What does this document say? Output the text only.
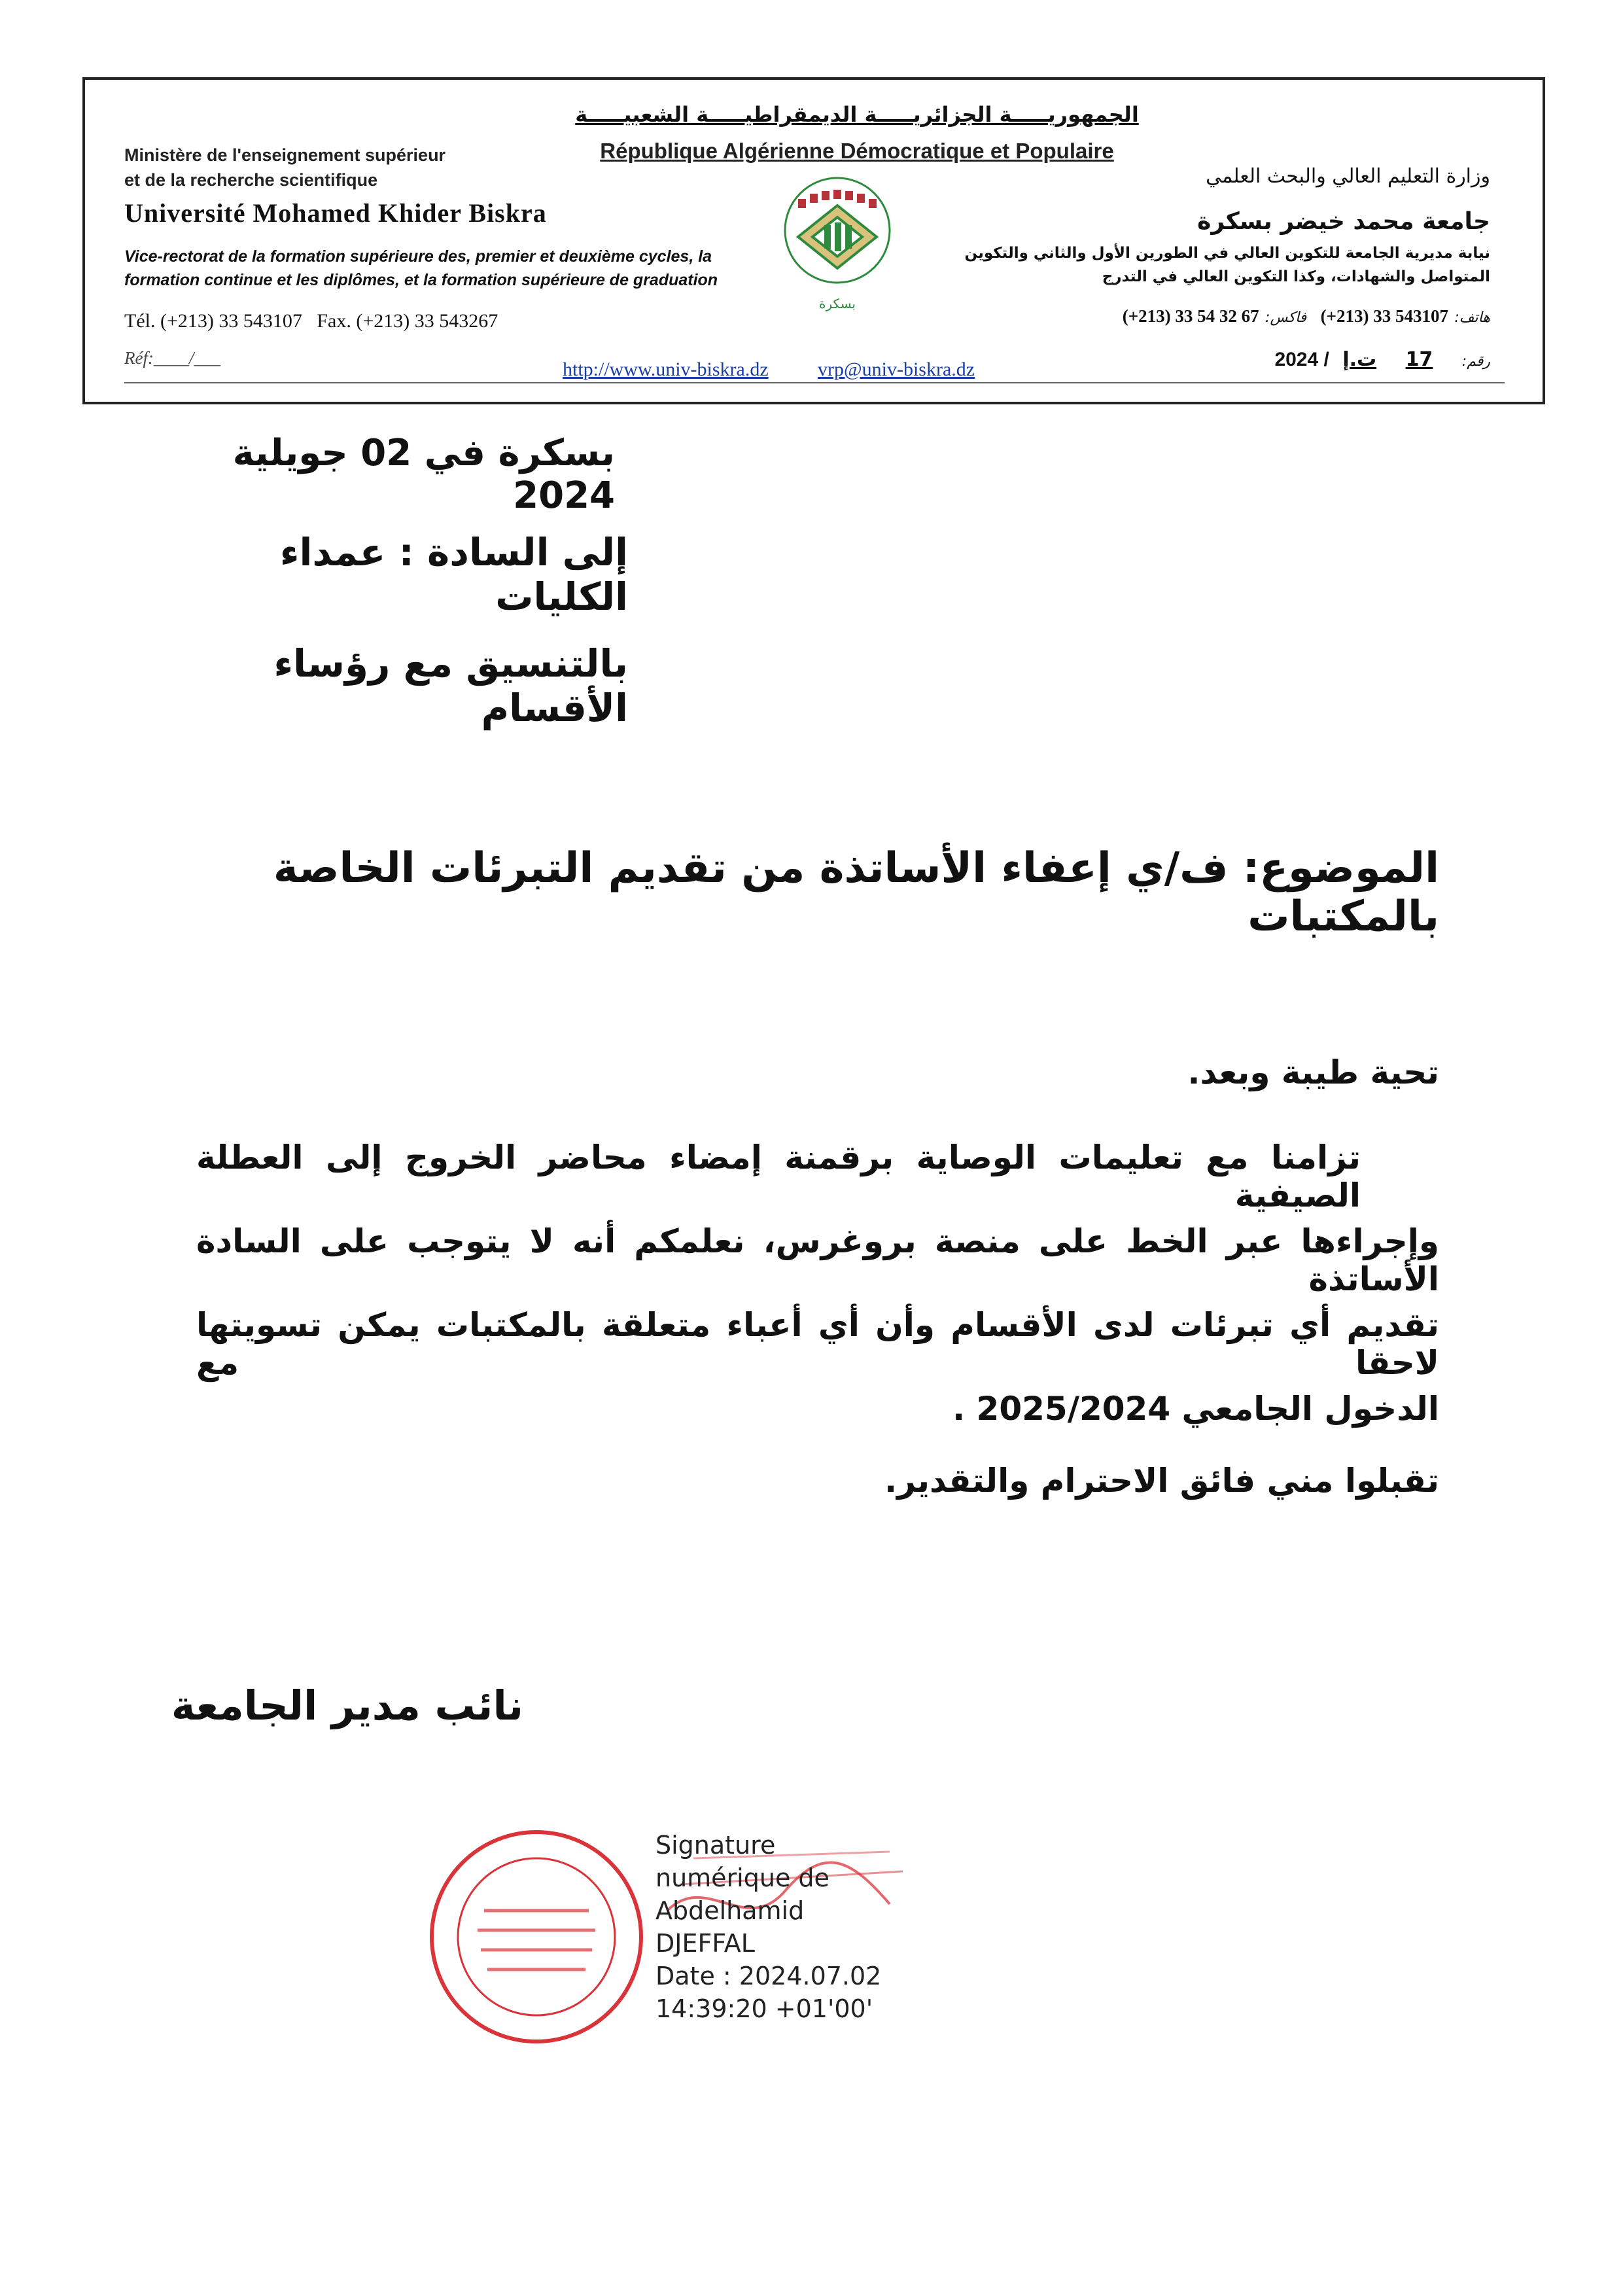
الجمهوريـــــة الجزائريـــــة الديمقراطيـــــة الشعبيـــــة
République Algérienne Démocratique et Populaire
Ministère de l'enseignement supérieur
et de la recherche scientifique
Université Mohamed Khider Biskra
Vice-rectorat de la formation supérieure des, premier et deuxième cycles, la
formation continue et les diplômes, et la formation supérieure de graduation
Tél. (+213) 33 543107   Fax. (+213) 33 543267
Réf:____/___
بسكرة
وزارة التعليم العالي والبحث العلمي
جامعة محمد خيضر بسكرة
نيابة مديرية الجامعة للتكوين العالي في الطورين الأول والثاني والتكوين
المتواصل والشهادات، وكذا التكوين العالي في التدرج
هاتف: (+213) 33 543107 فاكس: (+213) 33 54 32 67
رقم: 17 ت.إ 2024 /
http://www.univ-biskra.dz	vrp@univ-biskra.dz
بسكرة في 02 جويلية 2024
إلى السادة : عمداء الكليات
بالتنسيق مع رؤساء الأقسام
الموضوع: ف/ي إعفاء الأساتذة من تقديم التبرئات الخاصة بالمكتبات
تحية طيبة وبعد.

تزامنا مع تعليمات الوصاية برقمنة إمضاء محاضر الخروج إلى العطلة الصيفية

وإجراءها عبر الخط على منصة بروغرس، نعلمكم أنه لا يتوجب على السادة الأساتذة

تقديم أي تبرئات لدى الأقسام وأن أي أعباء متعلقة بالمكتبات يمكن تسويتها لاحقا مع

الدخول الجامعي 2025/2024 .

تقبلوا مني فائق الاحترام والتقدير.

نائب مدير الجامعة
Signature
numérique de
Abdelhamid
DJEFFAL
Date : 2024.07.02
14:39:20 +01'00'
